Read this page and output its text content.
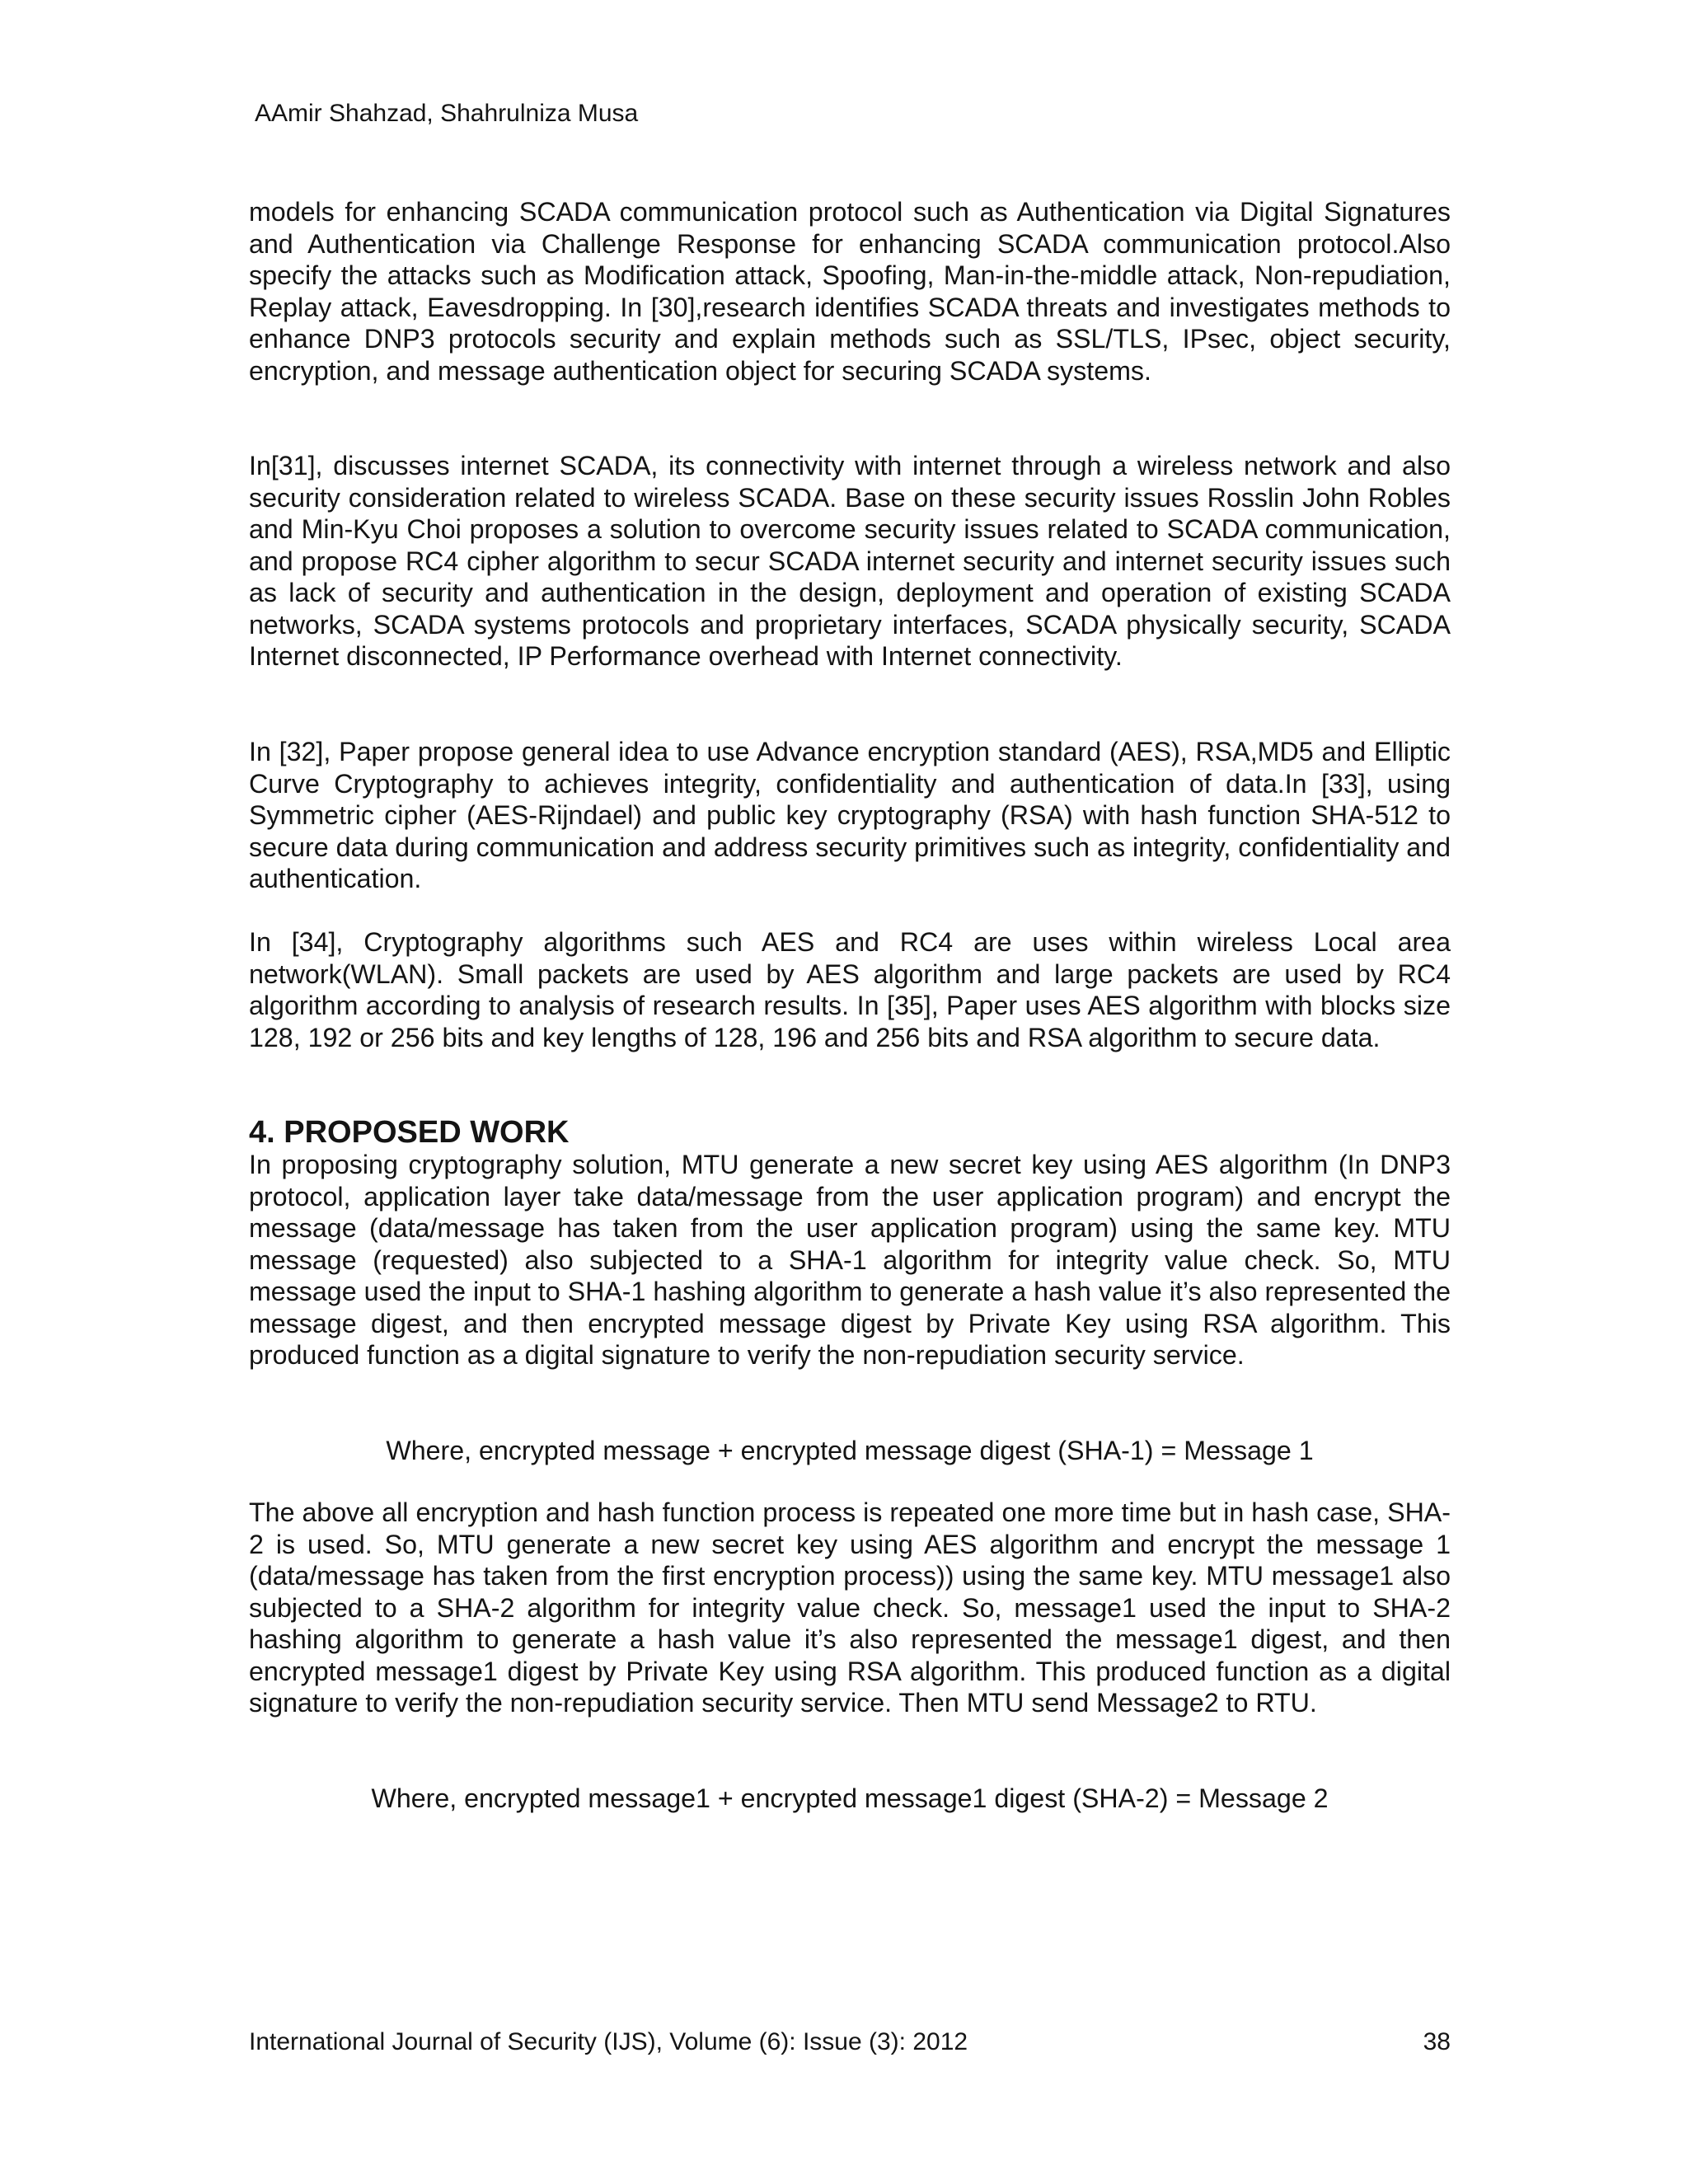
AAmir Shahzad, Shahrulniza Musa

models for enhancing SCADA communication protocol such as Authentication via Digital Signatures and Authentication via Challenge Response for enhancing SCADA communication protocol.Also specify the attacks such as Modification attack, Spoofing, Man-in-the-middle attack, Non-repudiation, Replay attack, Eavesdropping. In [30],research identifies SCADA threats and investigates methods to enhance DNP3 protocols security and explain methods such as SSL/TLS, IPsec, object security, encryption, and message authentication object for securing SCADA systems.

In[31], discusses internet SCADA, its connectivity with internet through a wireless network and also security consideration related to wireless SCADA. Base on these security issues Rosslin John Robles and Min-Kyu Choi proposes a solution to overcome security issues related to SCADA communication, and propose RC4 cipher algorithm to secur SCADA internet security and internet security issues such as lack of security and authentication in the design, deployment and operation of existing SCADA networks, SCADA systems protocols and proprietary interfaces, SCADA physically security, SCADA Internet disconnected, IP Performance overhead with Internet connectivity.

In [32], Paper propose general idea to use Advance encryption standard (AES), RSA,MD5 and Elliptic Curve Cryptography to achieves integrity, confidentiality and authentication of data.In [33], using Symmetric cipher (AES-Rijndael) and public key cryptography (RSA) with hash function SHA-512 to secure data during communication and address security primitives such as integrity, confidentiality and authentication.

In [34], Cryptography algorithms such AES and RC4 are uses within wireless Local area network(WLAN). Small packets are used by AES algorithm and large packets are used by RC4 algorithm according to analysis of research results. In [35], Paper uses AES algorithm with blocks size 128, 192 or 256 bits and key lengths of 128, 196 and 256 bits and RSA algorithm to secure data.

4. PROPOSED WORK

In proposing cryptography solution, MTU generate a new secret key using AES algorithm (In DNP3 protocol, application layer take data/message from the user application program) and encrypt the message (data/message has taken from the user application program) using the same key. MTU message (requested) also subjected to a SHA-1 algorithm for integrity value check. So, MTU message used the input to SHA-1 hashing algorithm to generate a hash value it’s also represented the message digest, and then encrypted message digest by Private Key using RSA algorithm. This produced function as a digital signature to verify the non-repudiation security service.

Where, encrypted message + encrypted message digest (SHA-1) = Message 1

The above all encryption and hash function process is repeated one more time but in hash case, SHA-2 is used. So, MTU generate a new secret key using AES algorithm and encrypt the message 1 (data/message has taken from the first encryption process)) using the same key. MTU message1 also subjected to a SHA-2 algorithm for integrity value check. So, message1 used the input to SHA-2 hashing algorithm to generate a hash value it’s also represented the message1 digest, and then encrypted message1 digest by Private Key using RSA algorithm. This produced function as a digital signature to verify the non-repudiation security service. Then MTU send Message2 to RTU.

Where, encrypted message1 + encrypted message1 digest (SHA-2) = Message 2

International Journal of Security (IJS), Volume (6): Issue (3): 2012	38
